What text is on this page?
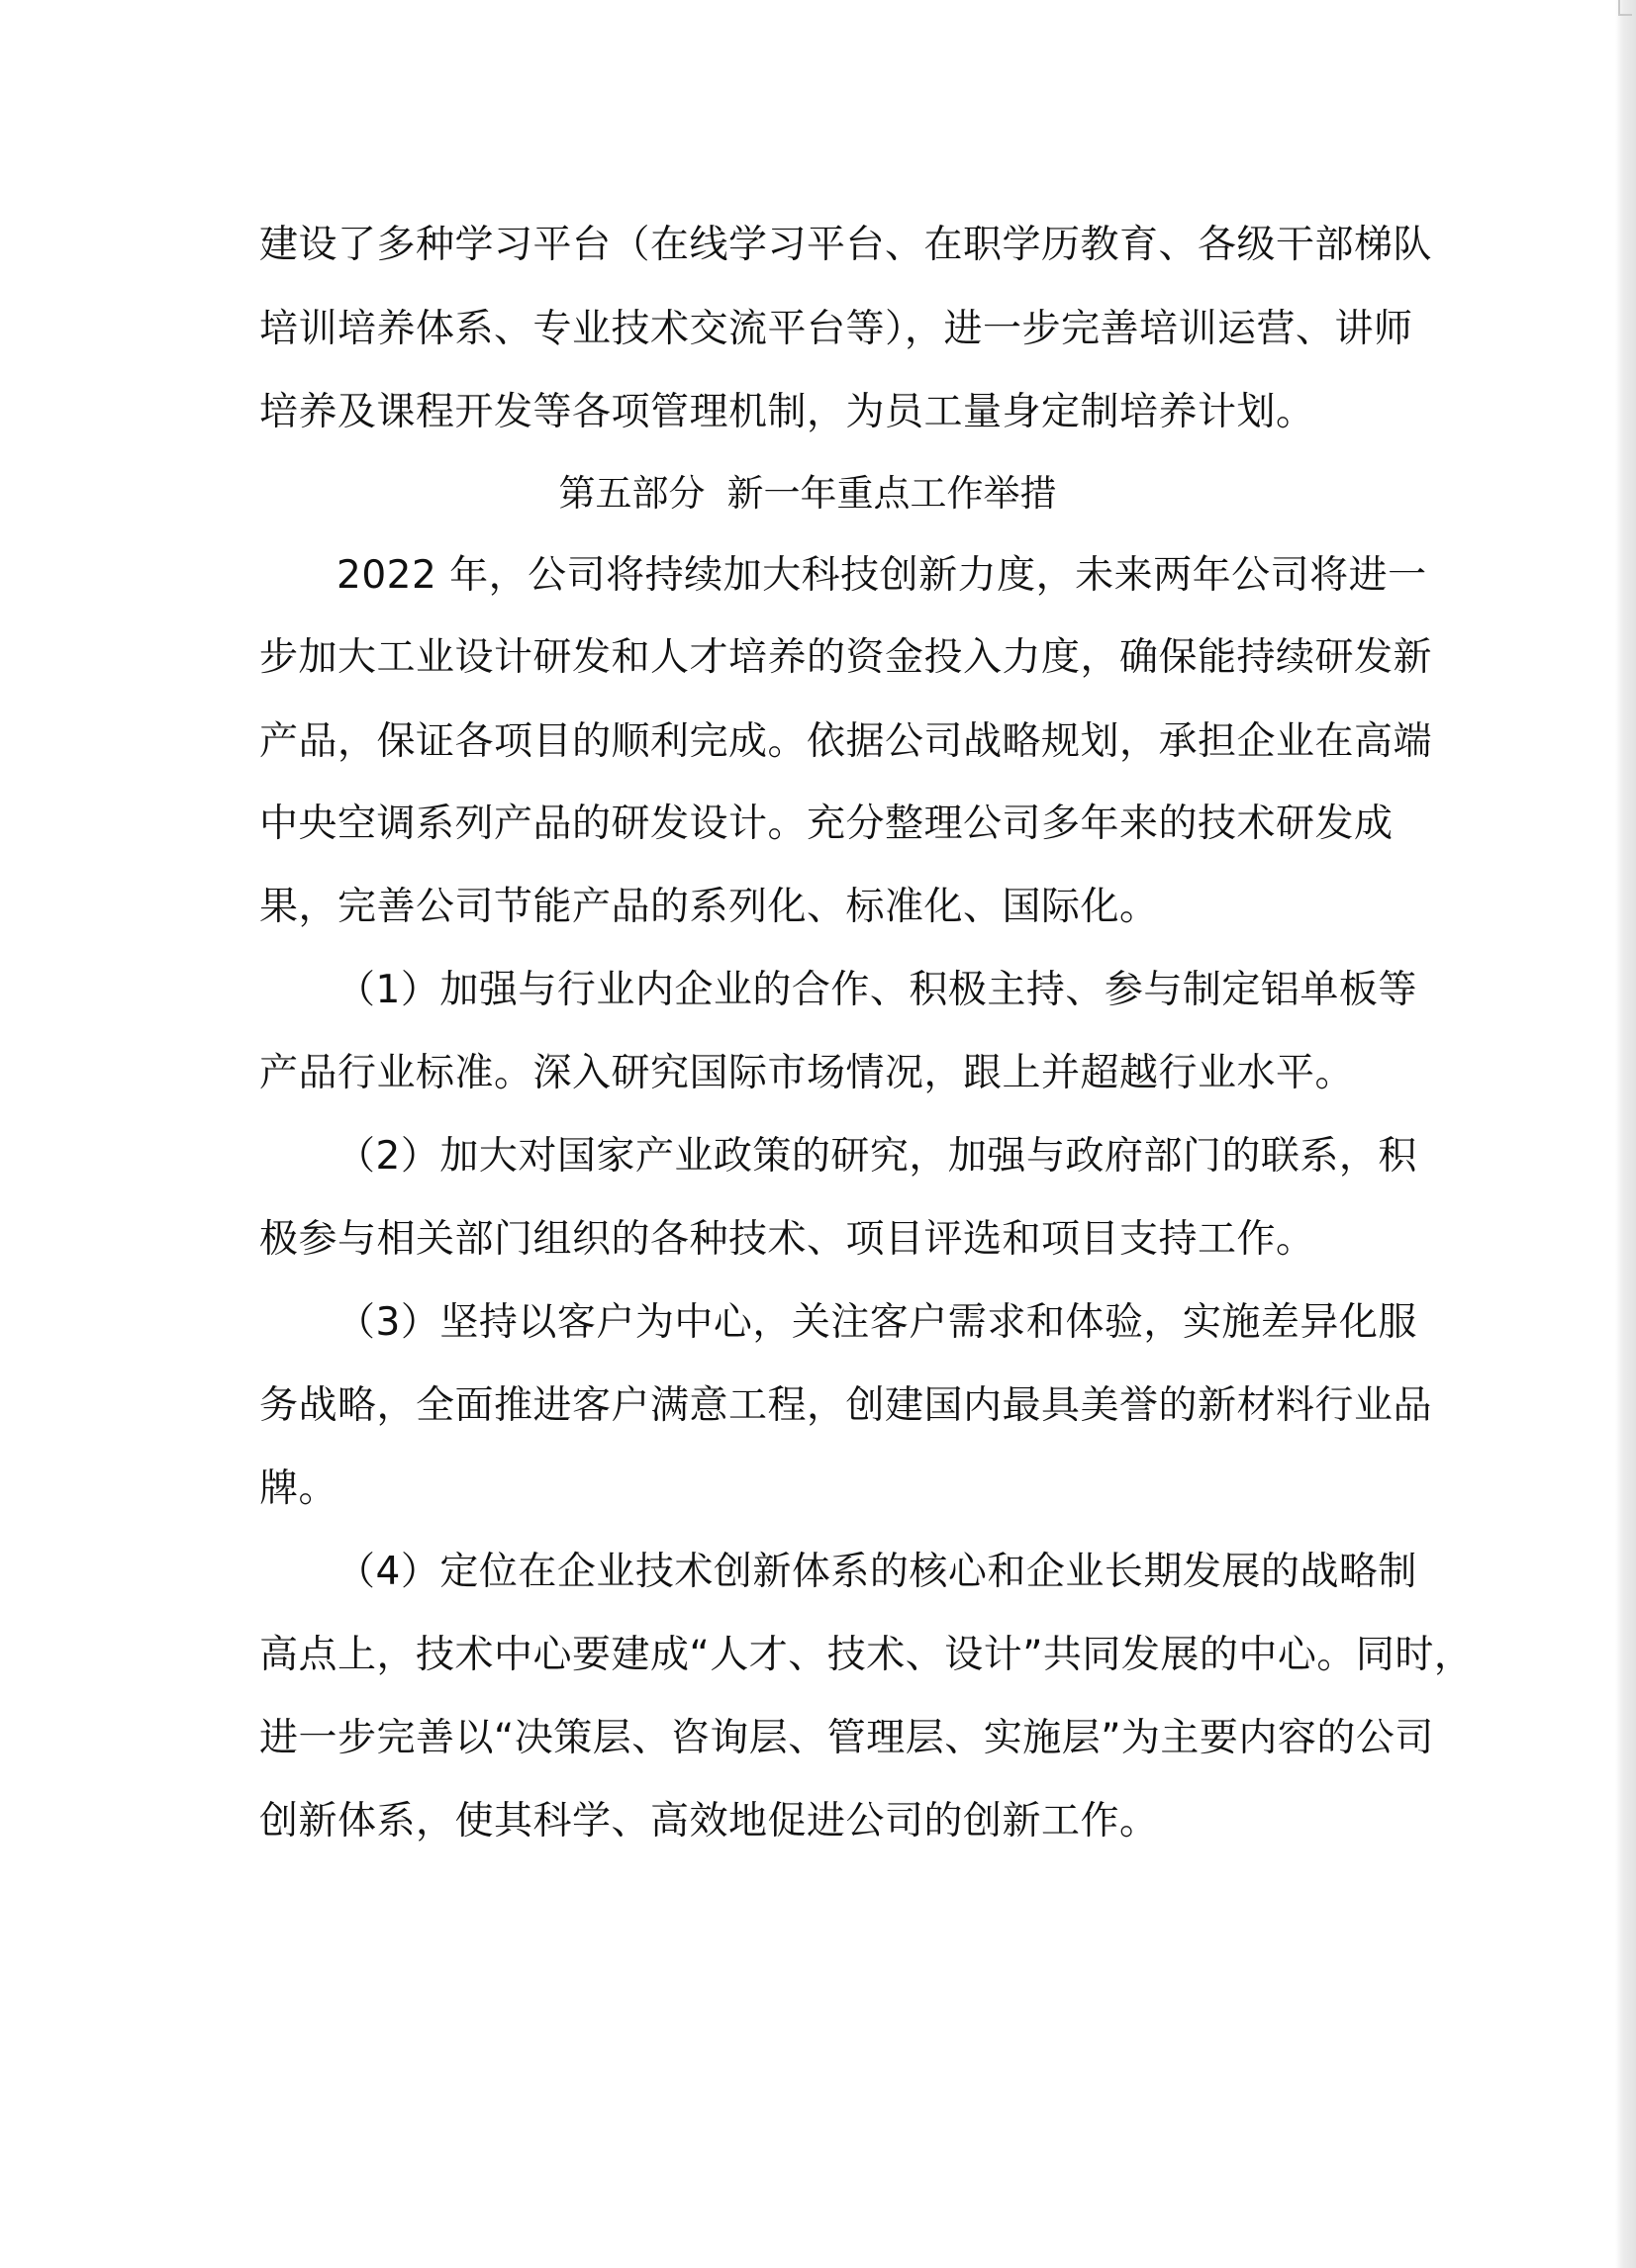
建设了多种学习平台（在线学习平台、在职学历教育、各级干部梯队
培训培养体系、专业技术交流平台等），进一步完善培训运营、讲师
培养及课程开发等各项管理机制，为员工量身定制培养计划。
第五部分 新一年重点工作举措
2022 年，公司将持续加大科技创新力度，未来两年公司将进一
步加大工业设计研发和人才培养的资金投入力度，确保能持续研发新
产品，保证各项目的顺利完成。依据公司战略规划，承担企业在高端
中央空调系列产品的研发设计。充分整理公司多年来的技术研发成
果，完善公司节能产品的系列化、标准化、国际化。
（1）加强与行业内企业的合作、积极主持、参与制定铝单板等
产品行业标准。深入研究国际市场情况，跟上并超越行业水平。
（2）加大对国家产业政策的研究，加强与政府部门的联系，积
极参与相关部门组织的各种技术、项目评选和项目支持工作。
（3）坚持以客户为中心，关注客户需求和体验，实施差异化服
务战略，全面推进客户满意工程，创建国内最具美誉的新材料行业品
牌。
（4）定位在企业技术创新体系的核心和企业长期发展的战略制
高点上，技术中心要建成“人才、技术、设计”共同发展的中心。同时，
进一步完善以“决策层、咨询层、管理层、实施层”为主要内容的公司
创新体系，使其科学、高效地促进公司的创新工作。
